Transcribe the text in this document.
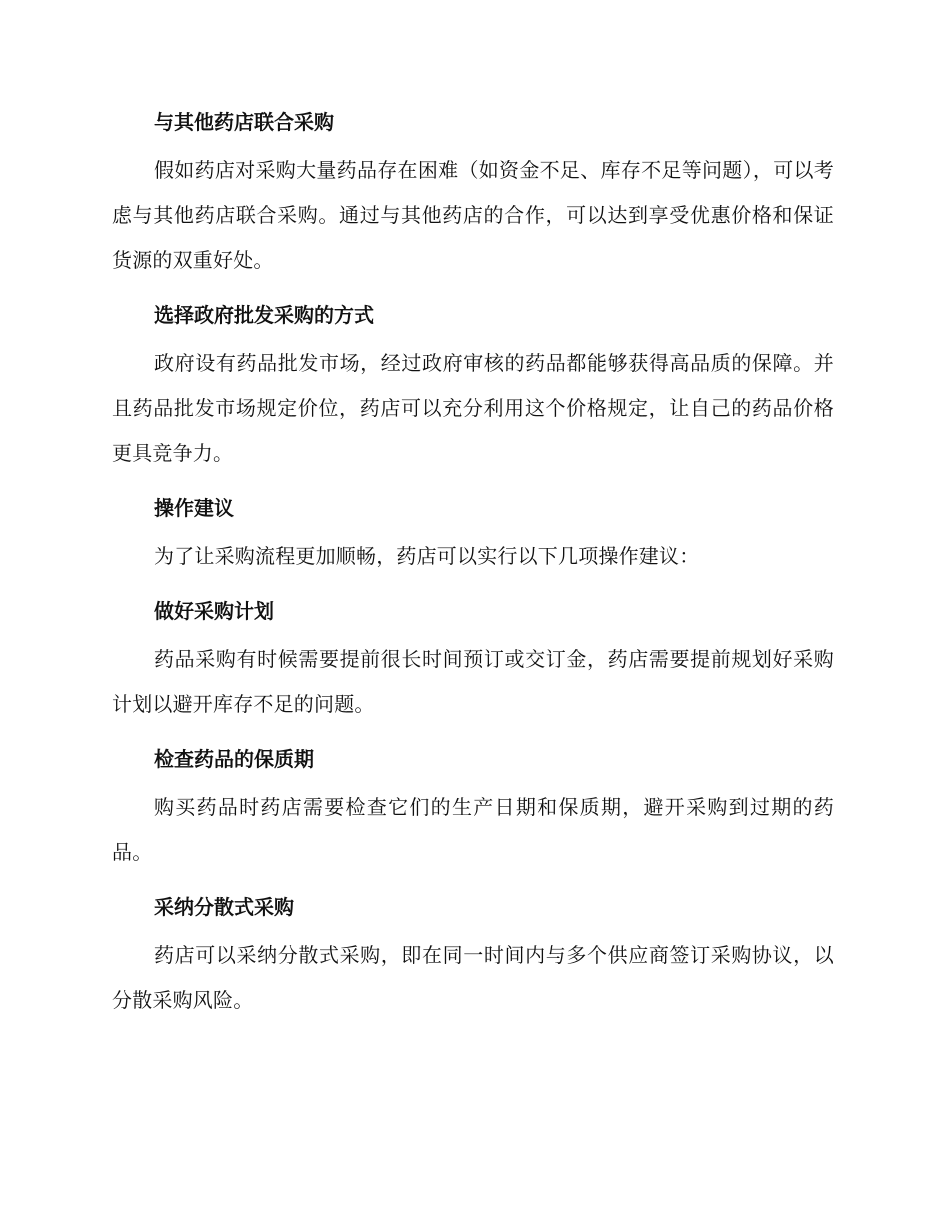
与其他药店联合采购

假如药店对采购大量药品存在困难（如资金不足、库存不足等问题），可以考虑与其他药店联合采购。通过与其他药店的合作，可以达到享受优惠价格和保证货源的双重好处。

选择政府批发采购的方式

政府设有药品批发市场，经过政府审核的药品都能够获得高品质的保障。并且药品批发市场规定价位，药店可以充分利用这个价格规定，让自己的药品价格更具竞争力。

操作建议

为了让采购流程更加顺畅，药店可以实行以下几项操作建议：

做好采购计划

药品采购有时候需要提前很长时间预订或交订金，药店需要提前规划好采购计划以避开库存不足的问题。

检查药品的保质期

购买药品时药店需要检查它们的生产日期和保质期，避开采购到过期的药品。

采纳分散式采购

药店可以采纳分散式采购，即在同一时间内与多个供应商签订采购协议，以分散采购风险。
